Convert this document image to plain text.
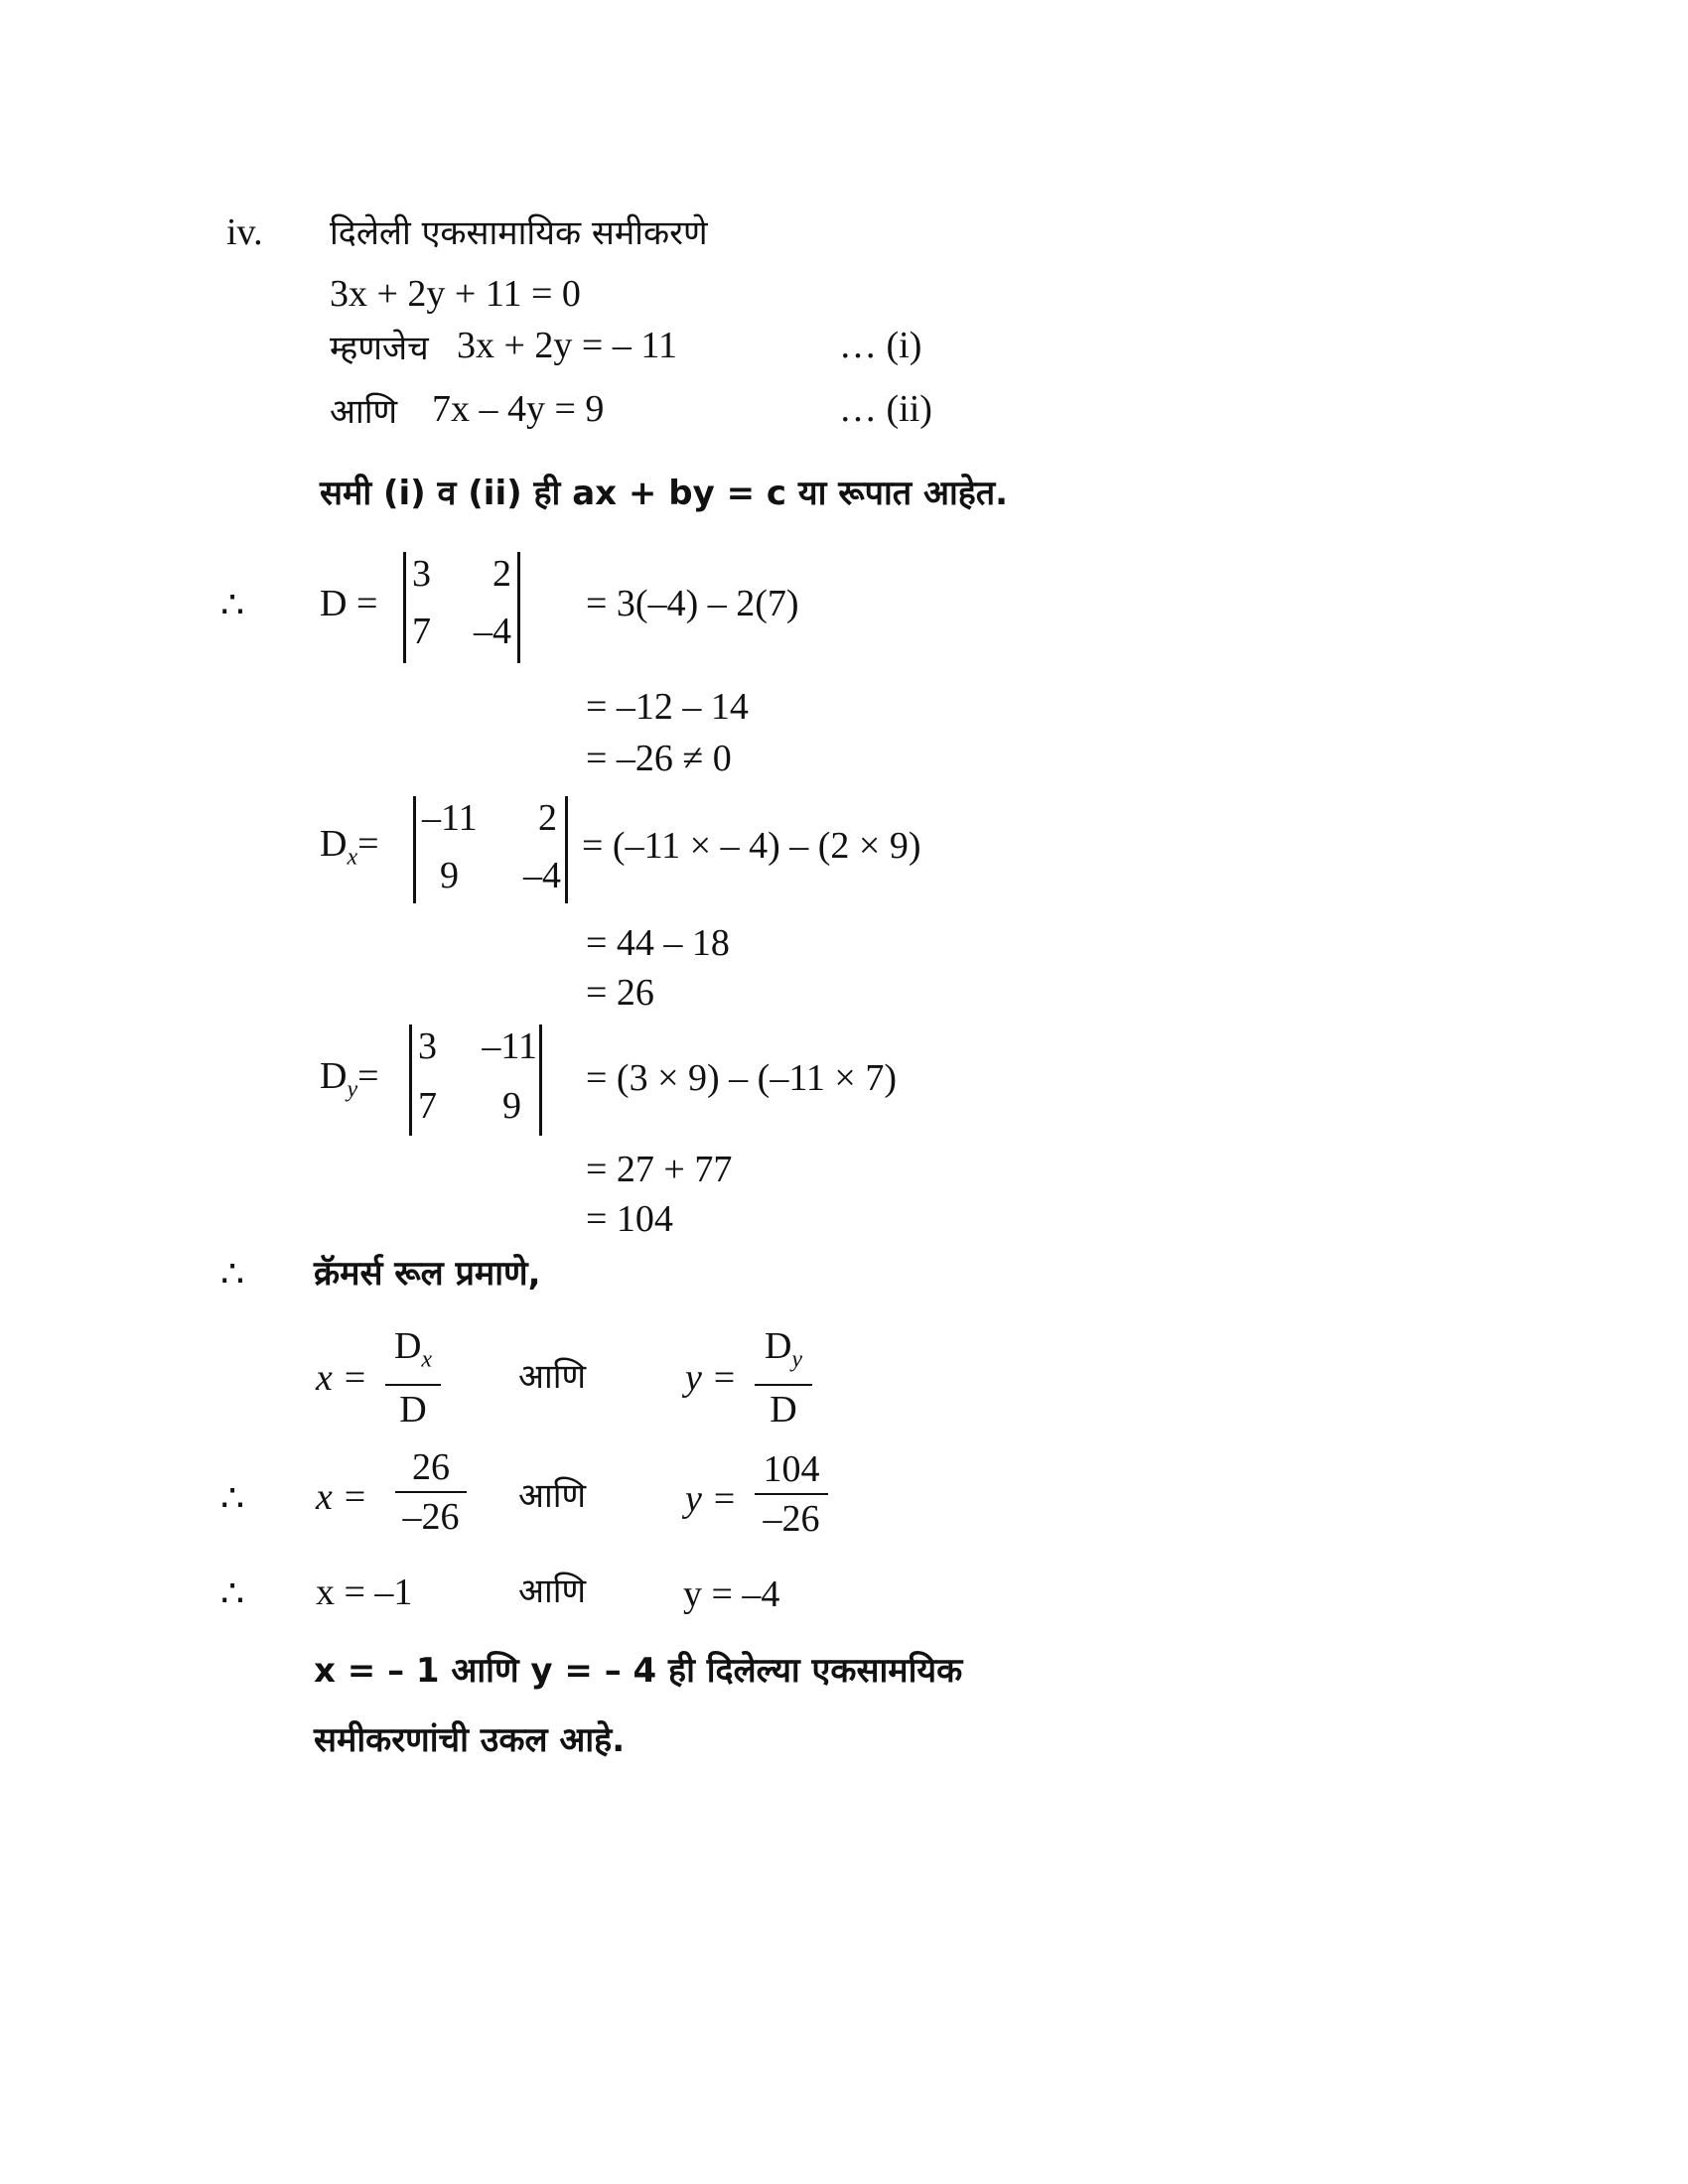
iv. दिलेली एकसामायिक समीकरणे
3x + 2y + 11 = 0
म्हणजेच 3x + 2y = – 11	… (i)
आणि 7x – 4y = 9	… (ii)
समी (i) व (ii) ही ax + by = c या रूपात आहेत.
∴ D =
3 2
7 –4
= 3(–4) – 2(7)
= –12 – 14
= –26 ≠ 0
$D_x=$
–11 2
9 –4
= (–11 × – 4) – (2 × 9)
= 44 – 18
= 26
$D_y=$
3 –11
7 9
= (3 × 9) – (–11 × 7)
= 27 + 77
= 104
∴ क्रॅमर्स रूल प्रमाणे,
x =
$D_x$
D
आणि	y =
$D_y$
D
∴ x =
26
–26 आणि	y =
104
–26
∴ x = –1	आणि	y = –4
x = – 1 आणि y = – 4 ही दिलेल्या एकसामयिक
समीकरणांची उकल आहे.
